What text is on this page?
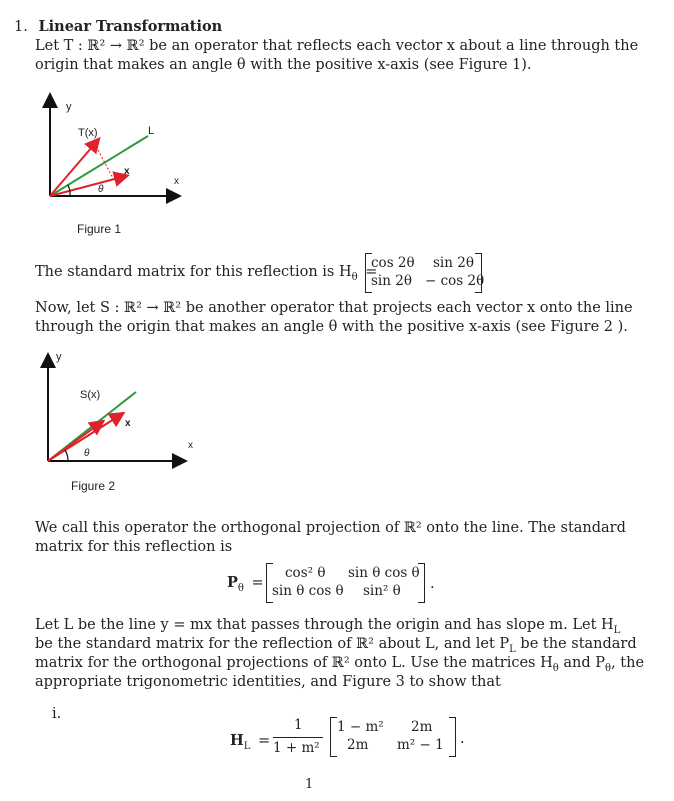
1. Linear Transformation
Let T : ℝ² → ℝ² be an operator that reflects each vector x about a line through the
origin that makes an angle θ with the positive x-axis (see Figure 1).
y
T(x)	L
x
x
θ
Figure 1
The standard matrix for this reflection is $H_\theta$ =
cos 2θ sin 2θ
sin 2θ − cos 2θ
Now, let S : ℝ² → ℝ² be another operator that projects each vector x onto the line
through the origin that makes an angle θ with the positive x-axis (see Figure 2 ).
y
S(x)
x
x
θ
Figure 2
We call this operator the orthogonal projection of ℝ² onto the line. The standard
matrix for this reflection is
$P_\theta$ =
cos² θ sin θ cos θ
sin θ cos θ sin² θ .
Let L be the line y = mx that passes through the origin and has slope m. Let $H_L$
be the standard matrix for the reflection of ℝ² about L, and let $P_L$ be the standard
matrix for the orthogonal projections of ℝ² onto L. Use the matrices $H_\theta$ and $P_\theta$, the
appropriate trigonometric identities, and Figure 3 to show that
i.
$H_L$ =
1
1 + m²
1 − m² 2m
2m m² − 1 .
1
